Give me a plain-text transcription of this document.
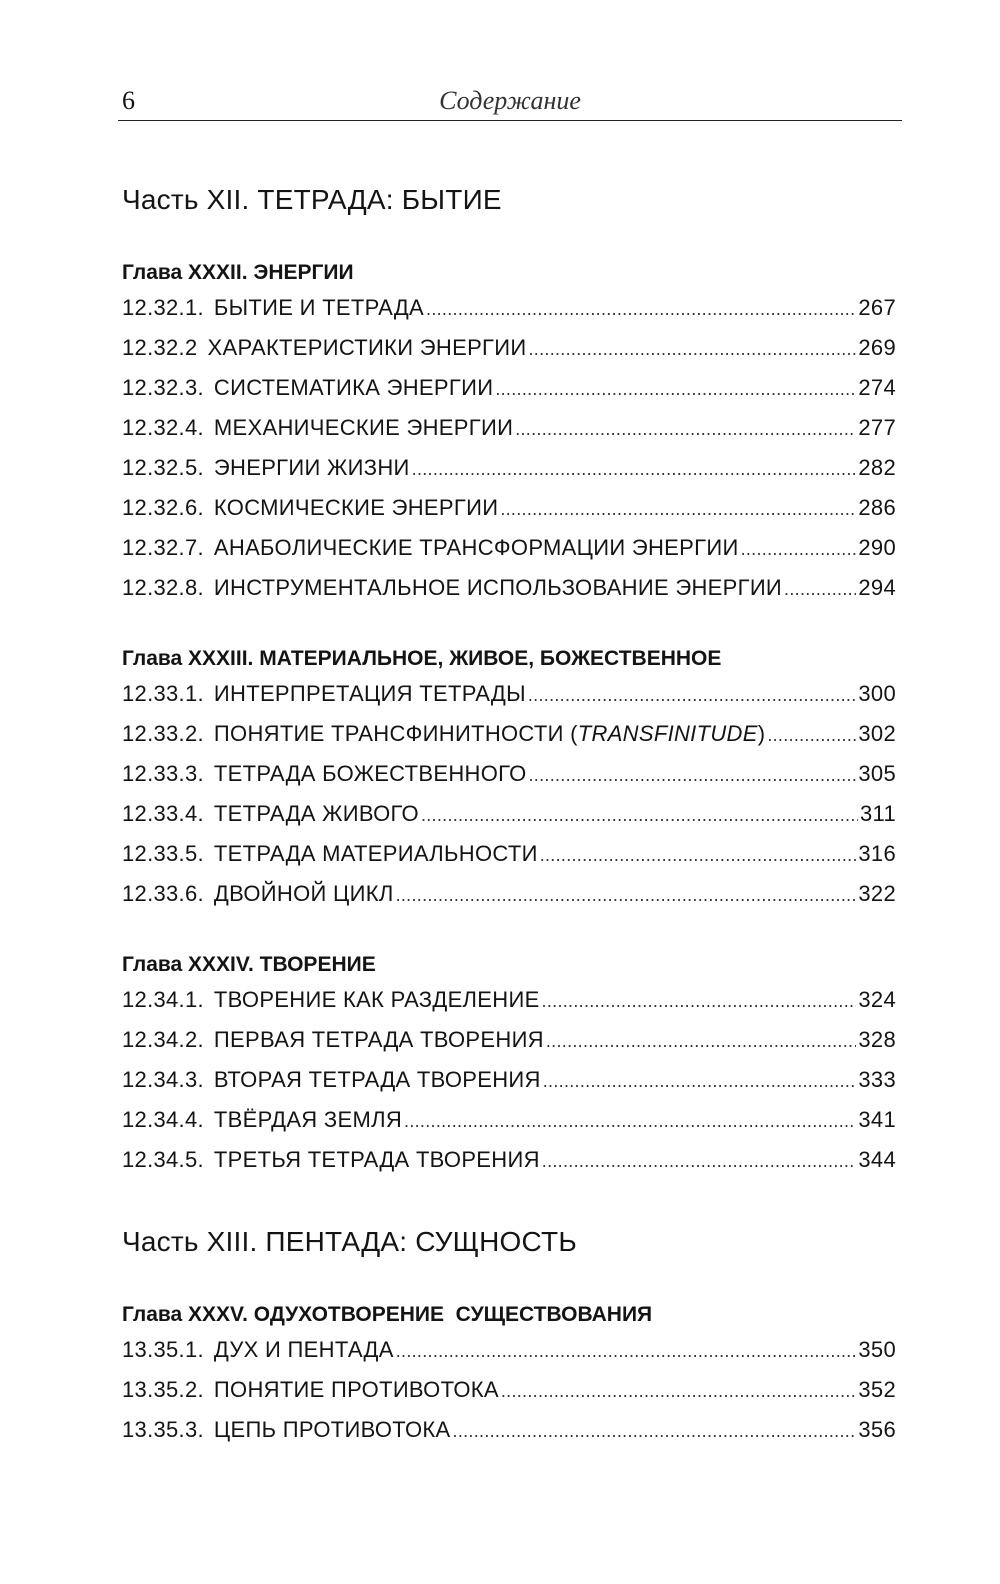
6	Содержание
Часть XII. ТЕТРАДА: БЫТИЕ
Глава XXXII. ЭНЕРГИИ
12.32.1. БЫТИЕ И ТЕТРАДА .....	267
12.32.2 ХАРАКТЕРИСТИКИ ЭНЕРГИИ .....	269
12.32.3. СИСТЕМАТИКА ЭНЕРГИИ .....	274
12.32.4. МЕХАНИЧЕСКИЕ ЭНЕРГИИ .....	277
12.32.5. ЭНЕРГИИ ЖИЗНИ .....	282
12.32.6. КОСМИЧЕСКИЕ ЭНЕРГИИ .....	286
12.32.7. АНАБОЛИЧЕСКИЕ ТРАНСФОРМАЦИИ ЭНЕРГИИ .....	290
12.32.8. ИНСТРУМЕНТАЛЬНОЕ ИСПОЛЬЗОВАНИЕ ЭНЕРГИИ .....	294
Глава XXXIII. МАТЕРИАЛЬНОЕ, ЖИВОЕ, БОЖЕСТВЕННОЕ
12.33.1. ИНТЕРПРЕТАЦИЯ ТЕТРАДЫ .....	300
12.33.2. ПОНЯТИЕ ТРАНСФИНИТНОСТИ (TRANSFINITUDE) .....	302
12.33.3. ТЕТРАДА БОЖЕСТВЕННОГО .....	305
12.33.4. ТЕТРАДА ЖИВОГО .....	311
12.33.5. ТЕТРАДА МАТЕРИАЛЬНОСТИ .....	316
12.33.6. ДВОЙНОЙ ЦИКЛ .....	322
Глава XXXIV. ТВОРЕНИЕ
12.34.1. ТВОРЕНИЕ КАК РАЗДЕЛЕНИЕ .....	324
12.34.2. ПЕРВАЯ ТЕТРАДА ТВОРЕНИЯ .....	328
12.34.3. ВТОРАЯ ТЕТРАДА ТВОРЕНИЯ .....	333
12.34.4. ТВЁРДАЯ ЗЕМЛЯ .....	341
12.34.5. ТРЕТЬЯ ТЕТРАДА ТВОРЕНИЯ .....	344
Часть XIII. ПЕНТАДА: СУЩНОСТЬ
Глава XXXV. ОДУХОТВОРЕНИЕ  СУЩЕСТВОВАНИЯ
13.35.1. ДУХ И ПЕНТАДА .....	350
13.35.2. ПОНЯТИЕ ПРОТИВОТОКА .....	352
13.35.3. ЦЕПЬ ПРОТИВОТОКА .....	356
